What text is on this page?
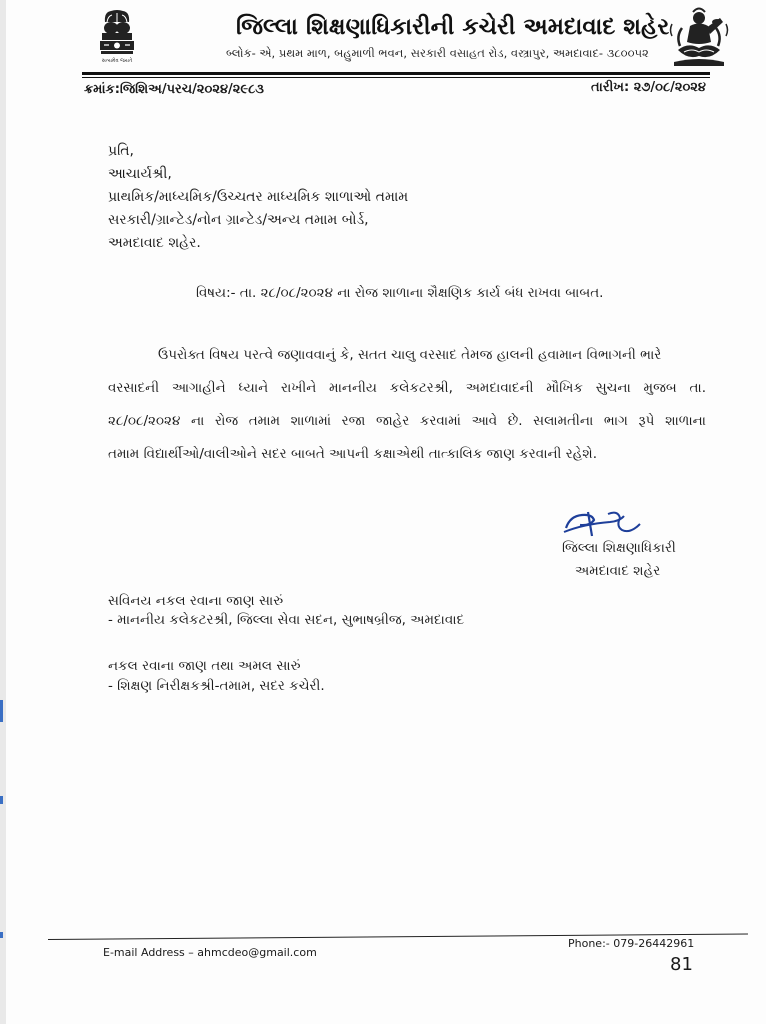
સત્યમેવ જયતે
જિલ્લા શિક્ષણાધિકારીની કચેરી અમદાવાદ શહેર
બ્લોક- એ, પ્રથમ માળ, બહુમાળી ભવન, સરકારી વસાહત રોડ, વસ્ત્રાપુર, અમદાવાદ- ૩૮૦૦૫૨
ક્રમાંક:જિશિઅ/પરચ/૨૦૨૪/૨૯૮૩	તારીખ: ૨૭/૦૮/૨૦૨૪
પ્રતિ,
આચાર્યશ્રી,
પ્રાથમિક/માધ્યમિક/ઉચ્ચતર માધ્યમિક શાળાઓ તમામ
સરકારી/ગ્રાન્ટેડ/નોન ગ્રાન્ટેડ/અન્ય તમામ બોર્ડ,
અમદાવાદ શહેર.
વિષય:- તા. ૨૮/૦૮/૨૦૨૪ ના રોજ શાળાના શૈક્ષણિક કાર્ય બંધ રાખવા બાબત.
ઉપરોક્ત વિષય પરત્વે જણાવવાનું કે, સતત ચાલુ વરસાદ તેમજ હાલની હવામાન વિભાગની ભારે
વરસાદની આગાહીને ધ્યાને રાખીને માનનીય કલેકટરશ્રી, અમદાવાદની મૌખિક સુચના મુજબ તા.
૨૮/૦૮/૨૦૨૪ ના રોજ તમામ શાળામાં રજા જાહેર કરવામાં આવે છે. સલામતીના ભાગ રૂપે શાળાના
તમામ વિદ્યાર્થીઓ/વાલીઓને સદર બાબતે આપની કક્ષાએથી તાત્કાલિક જાણ કરવાની રહેશે.
જિલ્લા શિક્ષણાધિકારી
અમદાવાદ શહેર
સવિનય નકલ રવાના જાણ સારું
- માનનીય કલેકટરશ્રી, જિલ્લા સેવા સદન, સુભાષબ્રીજ, અમદાવાદ
નકલ રવાના જાણ તથા અમલ સારું
- શિક્ષણ નિરીક્ષકશ્રી-તમામ, સદર કચેરી.
E-mail Address – ahmcdeo@gmail.com
Phone:- 079-26442961
81
